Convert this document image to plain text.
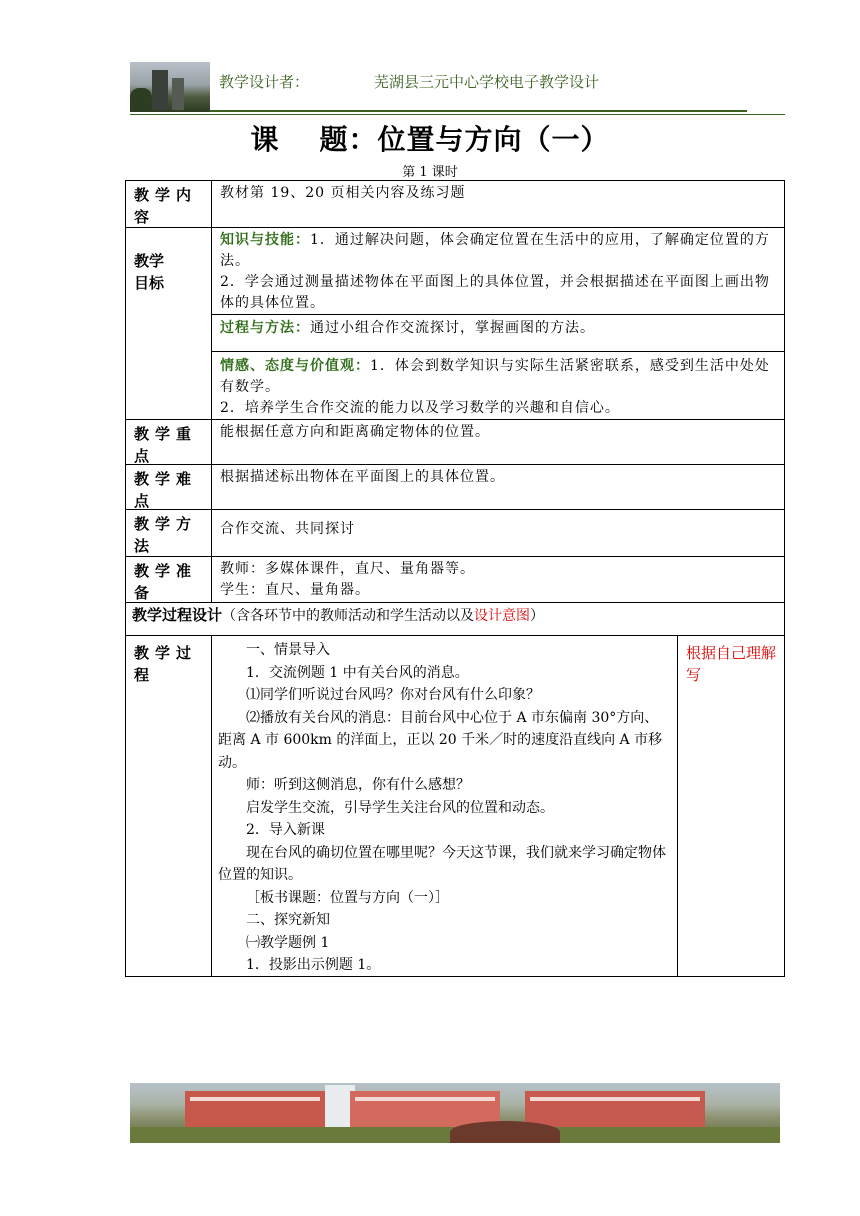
教学设计者：	芜湖县三元中心学校电子教学设计
课 题：位置与方向（一）
第 1 课时
教学内容
教材第 19、20 页相关内容及练习题
教学目标
知识与技能：1．通过解决问题，体会确定位置在生活中的应用，了解确定位置的方法。
2．学会通过测量描述物体在平面图上的具体位置，并会根据描述在平面图上画出物体的具体位置。
过程与方法：通过小组合作交流探讨，掌握画图的方法。
情感、态度与价值观：1．体会到数学知识与实际生活紧密联系，感受到生活中处处有数学。
2．培养学生合作交流的能力以及学习数学的兴趣和自信心。
教学重点
能根据任意方向和距离确定物体的位置。
教学难点
根据描述标出物体在平面图上的具体位置。
教学方法
合作交流、共同探讨
教学准备
教师：多媒体课件，直尺、量角器等。
学生：直尺、量角器。
教学过程设计（含各环节中的教师活动和学生活动以及设计意图）
教学过程

一、情景导入

1．交流例题 1 中有关台风的消息。

⑴同学们听说过台风吗？你对台风有什么印象？

⑵播放有关台风的消息：目前台风中心位于 A 市东偏南 30°方向、距离 A 市 600km 的洋面上，正以 20 千米／时的速度沿直线向 A 市移动。

师：听到这侧消息，你有什么感想？

启发学生交流，引导学生关注台风的位置和动态。

2．导入新课

现在台风的确切位置在哪里呢？今天这节课，我们就来学习确定物体位置的知识。

［板书课题：位置与方向（一）］

二、探究新知

㈠教学题例 1

1．投影出示例题 1。

根据自己理解写
